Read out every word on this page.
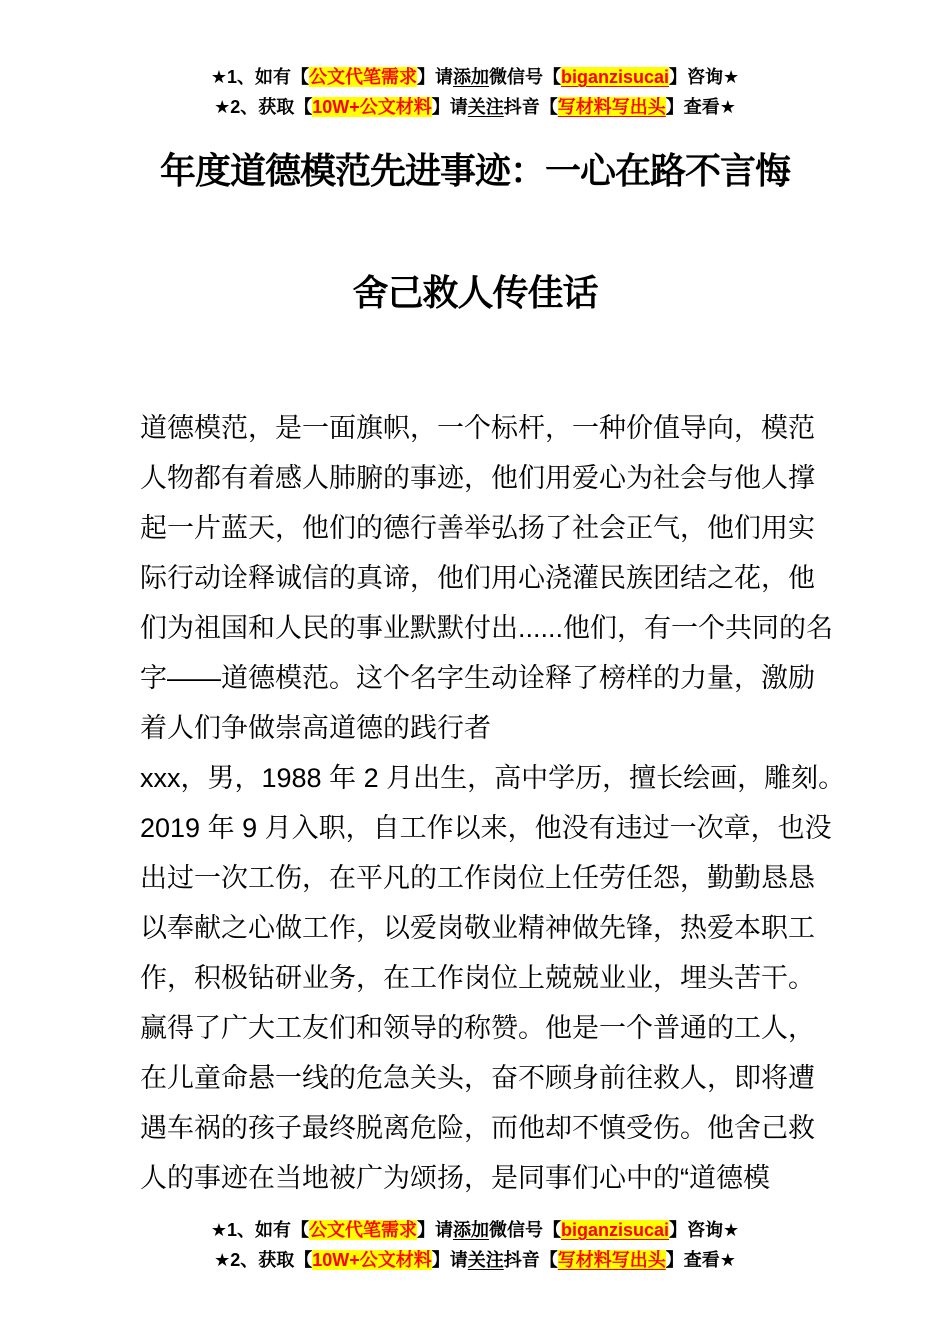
★1、如有【公文代笔需求】请添加微信号【biganzisucai】咨询★
★2、获取【10W+公文材料】请关注抖音【写材料写出头】查看★
年度道德模范先进事迹：一心在路不言悔
舍己救人传佳话
道德模范，是一面旗帜，一个标杆，一种价值导向，模范
人物都有着感人肺腑的事迹，他们用爱心为社会与他人撑
起一片蓝天，他们的德行善举弘扬了社会正气，他们用实
际行动诠释诚信的真谛，他们用心浇灌民族团结之花，他
们为祖国和人民的事业默默付出......他们，有一个共同的名
字——道德模范。这个名字生动诠释了榜样的力量，激励
着人们争做崇高道德的践行者
xxx，男，1988 年 2 月出生，高中学历，擅长绘画，雕刻。
2019 年 9 月入职，自工作以来，他没有违过一次章，也没
出过一次工伤，在平凡的工作岗位上任劳任怨，勤勤恳恳
以奉献之心做工作，以爱岗敬业精神做先锋，热爱本职工
作，积极钻研业务，在工作岗位上兢兢业业，埋头苦干。
赢得了广大工友们和领导的称赞。他是一个普通的工人，
在儿童命悬一线的危急关头，奋不顾身前往救人，即将遭
遇车祸的孩子最终脱离危险，而他却不慎受伤。他舍己救
人的事迹在当地被广为颂扬，是同事们心中的“道德模
★1、如有【公文代笔需求】请添加微信号【biganzisucai】咨询★
★2、获取【10W+公文材料】请关注抖音【写材料写出头】查看★
